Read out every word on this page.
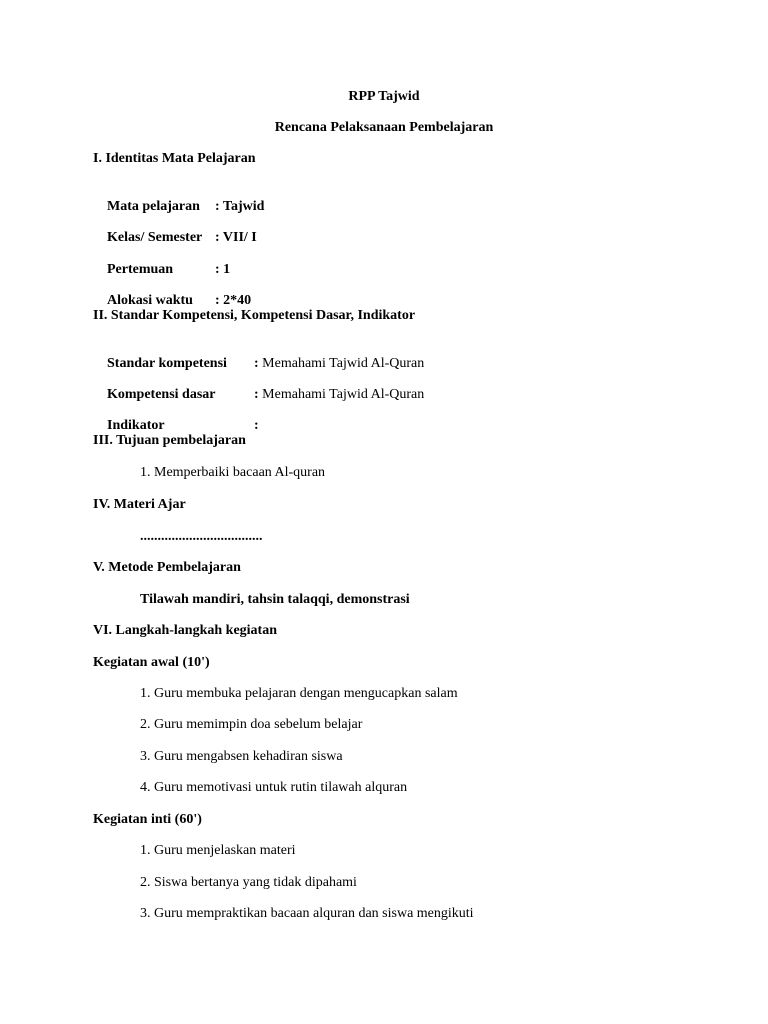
RPP Tajwid
Rencana Pelaksanaan Pembelajaran
I. Identitas Mata Pelajaran

Mata pelajaran : Tajwid

Kelas/ Semester : VII/ I

Pertemuan	: 1

Alokasi waktu : 2*40

II. Standar Kompetensi, Kompetensi Dasar, Indikator

Standar kompetensi : Memahami Tajwid Al-Quran

Kompetensi dasar	: Memahami Tajwid Al-Quran

Indikator	:

III. Tujuan pembelajaran
1. Memperbaiki bacaan Al-quran
IV. Materi Ajar
...................................
V. Metode Pembelajaran
Tilawah mandiri, tahsin talaqqi, demonstrasi
VI. Langkah-langkah kegiatan
Kegiatan awal (10')
1. Guru membuka pelajaran dengan mengucapkan salam
2. Guru memimpin doa sebelum belajar
3. Guru mengabsen kehadiran siswa
4. Guru memotivasi untuk rutin tilawah alquran
Kegiatan inti (60')
1. Guru menjelaskan materi
2. Siswa bertanya yang tidak dipahami
3. Guru mempraktikan bacaan alquran dan siswa mengikuti
